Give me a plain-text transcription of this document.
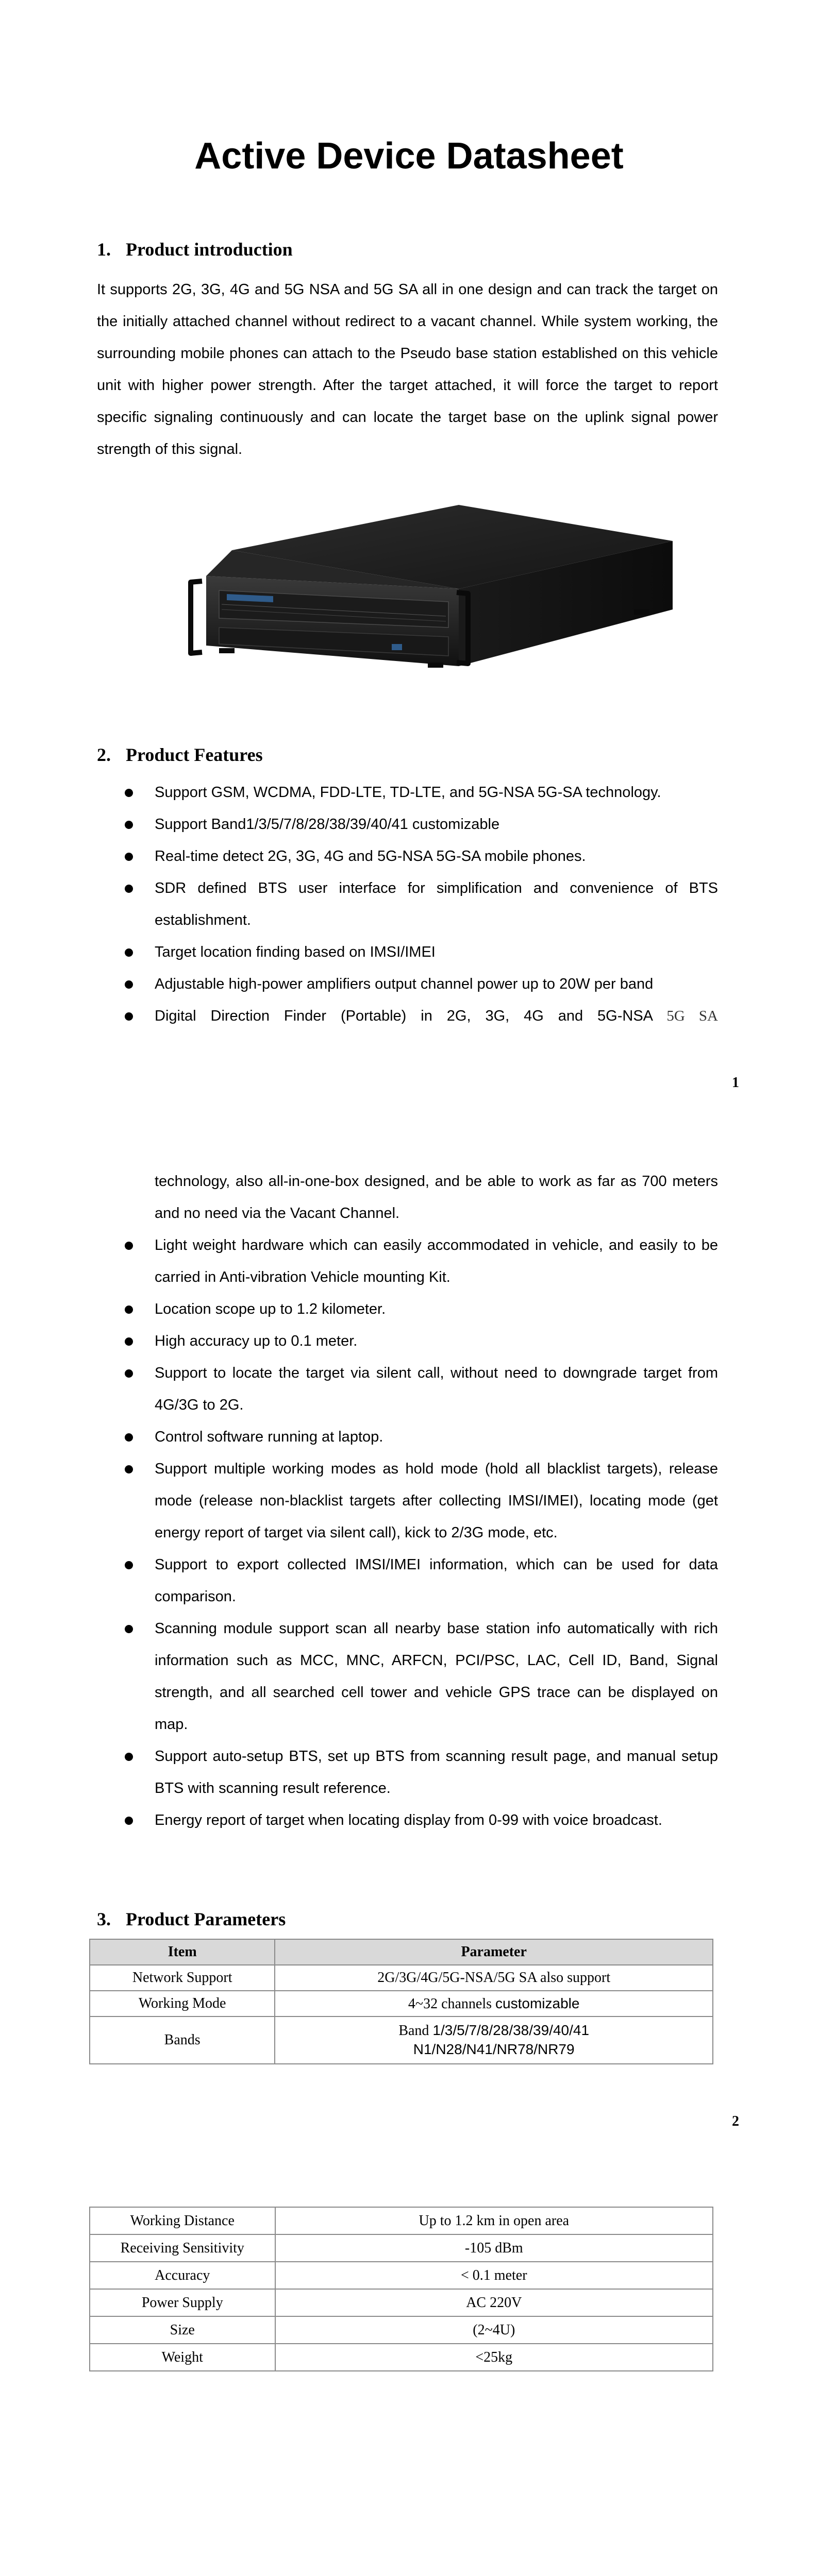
Active Device Datasheet
1. Product introduction

It supports 2G, 3G, 4G and 5G NSA and 5G SA all in one design and can track the target on the initially attached channel without redirect to a vacant channel. While system working, the surrounding mobile phones can attach to the Pseudo base station established on this vehicle unit with higher power strength. After the target attached, it will force the target to report specific signaling continuously and can locate the target base on the uplink signal power strength of this signal.

2. Product Features
Support GSM, WCDMA, FDD-LTE, TD-LTE, and 5G-NSA 5G-SA technology.
Support Band1/3/5/7/8/28/38/39/40/41 customizable
Real-time detect 2G, 3G, 4G and 5G-NSA 5G-SA mobile phones.
SDR defined BTS user interface for simplification and convenience of BTS establishment.
Target location finding based on IMSI/IMEI
Adjustable high-power amplifiers output channel power up to 20W per band
Digital Direction Finder (Portable) in 2G, 3G, 4G and 5G-NSA 5G SA
1

technology, also all-in-one-box designed, and be able to work as far as 700 meters and no need via the Vacant Channel.

Light weight hardware which can easily accommodated in vehicle, and easily to be carried in Anti-vibration Vehicle mounting Kit.
Location scope up to 1.2 kilometer.
High accuracy up to 0.1 meter.
Support to locate the target via silent call, without need to downgrade target from 4G/3G to 2G.
Control software running at laptop.
Support multiple working modes as hold mode (hold all blacklist targets), release mode (release non-blacklist targets after collecting IMSI/IMEI), locating mode (get energy report of target via silent call), kick to 2/3G mode, etc.
Support to export collected IMSI/IMEI information, which can be used for data comparison.
Scanning module support scan all nearby base station info automatically with rich information such as MCC, MNC, ARFCN, PCI/PSC, LAC, Cell ID, Band, Signal strength, and all searched cell tower and vehicle GPS trace can be displayed on map.
Support auto-setup BTS, set up BTS from scanning result page, and manual setup BTS with scanning result reference.
Energy report of target when locating display from 0-99 with voice broadcast.
3. Product Parameters
Item	Parameter
Network Support	2G/3G/4G/5G-NSA/5G SA also support
Working Mode	4~32 channels customizable
Bands	Band 1/3/5/7/8/28/38/39/40/41
N1/N28/N41/NR78/NR79
2
Working Distance	Up to 1.2 km in open area
Receiving Sensitivity	-105 dBm
Accuracy	< 0.1 meter
Power Supply	AC 220V
Size	(2~4U)
Weight	<25kg
